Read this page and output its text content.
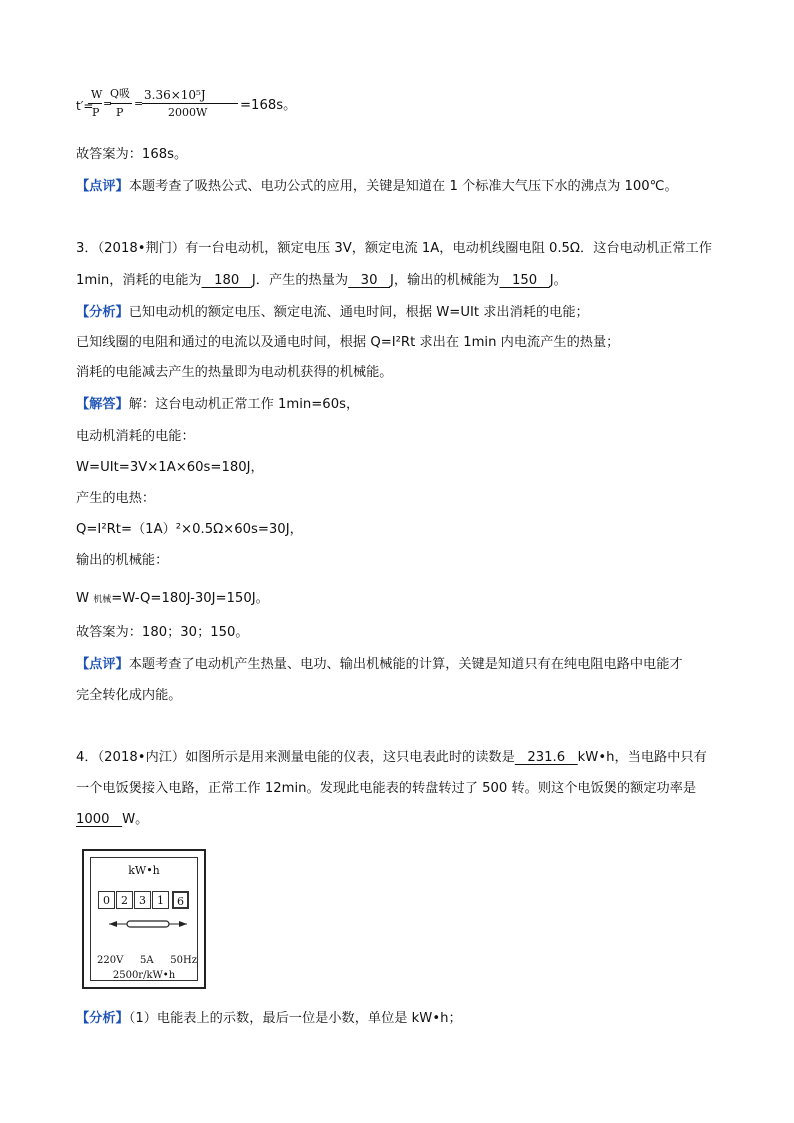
t′=
W
P
=
Q吸
P
=
3.36×10⁵J
2000W =168s。
故答案为：168s。
【点评】本题考查了吸热公式、电功公式的应用，关键是知道在 1 个标准大气压下水的沸点为 100℃。
3．（2018•荆门）有一台电动机，额定电压 3V，额定电流 1A，电动机线圈电阻 0.5Ω．这台电动机正常工作
1min，消耗的电能为   180   J．产生的热量为   30   J，输出的机械能为   150   J。
【分析】已知电动机的额定电压、额定电流、通电时间，根据 W=UIt 求出消耗的电能；
已知线圈的电阻和通过的电流以及通电时间，根据 Q=I²Rt 求出在 1min 内电流产生的热量；
消耗的电能减去产生的热量即为电动机获得的机械能。
【解答】解：这台电动机正常工作 1min=60s，
电动机消耗的电能：
W=UIt=3V×1A×60s=180J，
产生的电热：
Q=I²Rt=（1A）²×0.5Ω×60s=30J，
输出的机械能：
W 机械=W-Q=180J-30J=150J。
故答案为：180；30；150。
【点评】本题考查了电动机产生热量、电功、输出机械能的计算，关键是知道只有在纯电阻电路中电能才
完全转化成内能。
4．（2018•内江）如图所示是用来测量电能的仪表，这只电表此时的读数是   231.6   kW•h，当电路中只有
一个电饭煲接入电路，正常工作 12min。发现此电能表的转盘转过了 500 转。则这个电饭煲的额定功率是
1000   W。
kW•h
0	2	3	1	6
220V 5A 50Hz
2500r/kW•h
【分析】（1）电能表上的示数，最后一位是小数，单位是 kW•h；
